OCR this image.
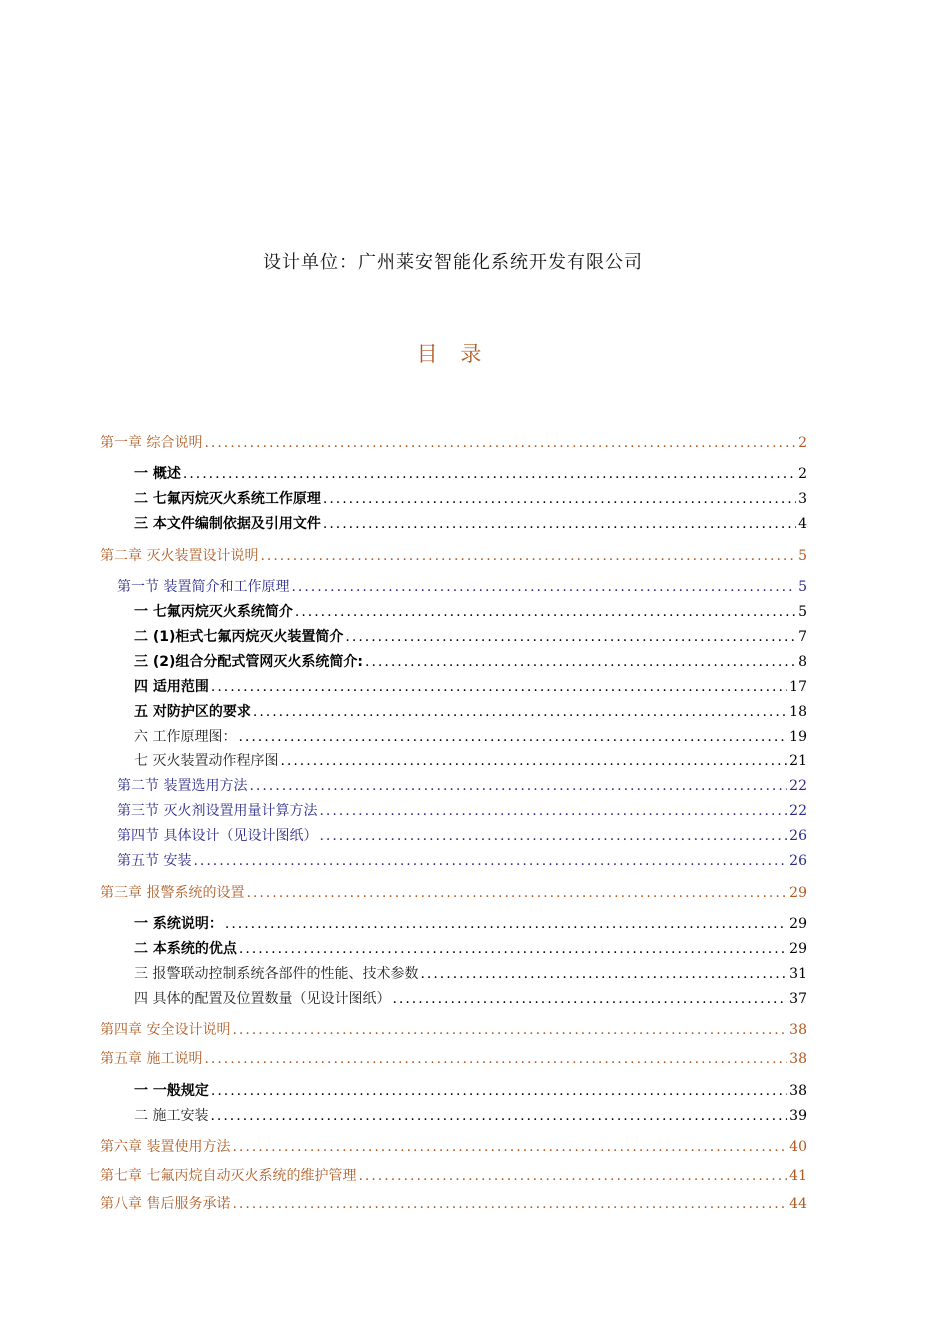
设计单位：广州莱安智能化系统开发有限公司
目 录
第一章 综合说明 .....	2
一 概述 .....	2
二 七氟丙烷灭火系统工作原理 .....	3
三 本文件编制依据及引用文件 .....	4
第二章 灭火装置设计说明 .....	5
第一节 装置简介和工作原理 .....	5
一 七氟丙烷灭火系统简介 .....	5
二 (1)柜式七氟丙烷灭火装置简介 .....	7
三 (2)组合分配式管网灭火系统简介: .....	8
四 适用范围 .....	17
五 对防护区的要求 .....	18
六 工作原理图： .....	19
七 灭火装置动作程序图 .....	21
第二节 装置选用方法 .....	22
第三节 灭火剂设置用量计算方法 .....	22
第四节 具体设计（见设计图纸） .....	26
第五节 安装 .....	26
第三章 报警系统的设置 .....	29
一 系统说明： .....	29
二 本系统的优点 .....	29
三 报警联动控制系统各部件的性能、技术参数 .....	31
四 具体的配置及位置数量（见设计图纸） .....	37
第四章 安全设计说明 .....	38
第五章 施工说明 .....	38
一 一般规定 .....	38
二 施工安装 .....	39
第六章 装置使用方法 .....	40
第七章 七氟丙烷自动灭火系统的维护管理 .....	41
第八章 售后服务承诺 .....	44
